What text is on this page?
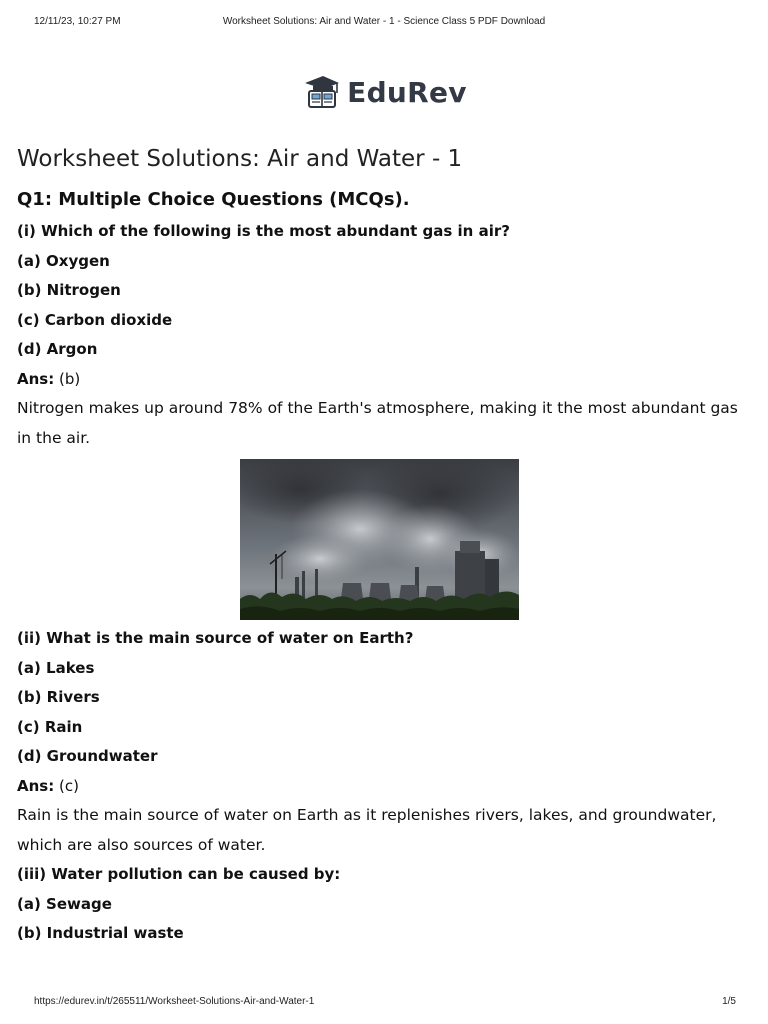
12/11/23, 10:27 PM	Worksheet Solutions: Air and Water - 1 - Science Class 5 PDF Download
EduRev
Worksheet Solutions: Air and Water - 1
Q1: Multiple Choice Questions (MCQs).
(i) Which of the following is the most abundant gas in air?
(a) Oxygen
(b) Nitrogen
(c) Carbon dioxide
(d) Argon
Ans: (b)

Nitrogen makes up around 78% of the Earth's atmosphere, making it the most abundant gas in the air.

(ii) What is the main source of water on Earth?
(a) Lakes
(b) Rivers
(c) Rain
(d) Groundwater
Ans: (c)

Rain is the main source of water on Earth as it replenishes rivers, lakes, and groundwater, which are also sources of water.

(iii) Water pollution can be caused by:
(a) Sewage
(b) Industrial waste
https://edurev.in/t/265511/Worksheet-Solutions-Air-and-Water-1	1/5
